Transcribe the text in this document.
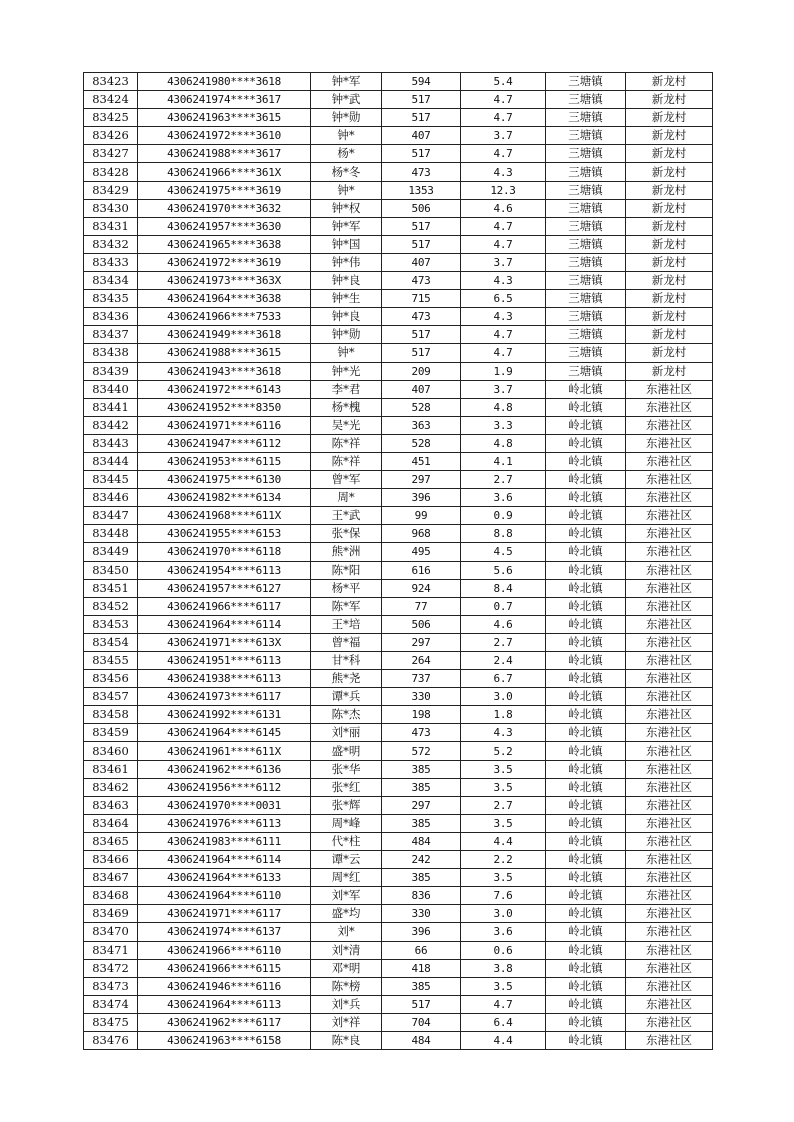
83423	4306241980****3618	钟*军	594	5.4	三塘镇	新龙村
83424	4306241974****3617	钟*武	517	4.7	三塘镇	新龙村
83425	4306241963****3615	钟*勋	517	4.7	三塘镇	新龙村
83426	4306241972****3610	钟*	407	3.7	三塘镇	新龙村
83427	4306241988****3617	杨*	517	4.7	三塘镇	新龙村
83428	4306241966****361X	杨*冬	473	4.3	三塘镇	新龙村
83429	4306241975****3619	钟*	1353	12.3	三塘镇	新龙村
83430	4306241970****3632	钟*权	506	4.6	三塘镇	新龙村
83431	4306241957****3630	钟*军	517	4.7	三塘镇	新龙村
83432	4306241965****3638	钟*国	517	4.7	三塘镇	新龙村
83433	4306241972****3619	钟*伟	407	3.7	三塘镇	新龙村
83434	4306241973****363X	钟*良	473	4.3	三塘镇	新龙村
83435	4306241964****3638	钟*生	715	6.5	三塘镇	新龙村
83436	4306241966****7533	钟*良	473	4.3	三塘镇	新龙村
83437	4306241949****3618	钟*勋	517	4.7	三塘镇	新龙村
83438	4306241988****3615	钟*	517	4.7	三塘镇	新龙村
83439	4306241943****3618	钟*光	209	1.9	三塘镇	新龙村
83440	4306241972****6143	李*君	407	3.7	岭北镇	东港社区
83441	4306241952****8350	杨*槐	528	4.8	岭北镇	东港社区
83442	4306241971****6116	吴*光	363	3.3	岭北镇	东港社区
83443	4306241947****6112	陈*祥	528	4.8	岭北镇	东港社区
83444	4306241953****6115	陈*祥	451	4.1	岭北镇	东港社区
83445	4306241975****6130	曾*军	297	2.7	岭北镇	东港社区
83446	4306241982****6134	周*	396	3.6	岭北镇	东港社区
83447	4306241968****611X	王*武	99	0.9	岭北镇	东港社区
83448	4306241955****6153	张*保	968	8.8	岭北镇	东港社区
83449	4306241970****6118	熊*洲	495	4.5	岭北镇	东港社区
83450	4306241954****6113	陈*阳	616	5.6	岭北镇	东港社区
83451	4306241957****6127	杨*平	924	8.4	岭北镇	东港社区
83452	4306241966****6117	陈*军	77	0.7	岭北镇	东港社区
83453	4306241964****6114	王*培	506	4.6	岭北镇	东港社区
83454	4306241971****613X	曾*福	297	2.7	岭北镇	东港社区
83455	4306241951****6113	甘*科	264	2.4	岭北镇	东港社区
83456	4306241938****6113	熊*尧	737	6.7	岭北镇	东港社区
83457	4306241973****6117	谭*兵	330	3.0	岭北镇	东港社区
83458	4306241992****6131	陈*杰	198	1.8	岭北镇	东港社区
83459	4306241964****6145	刘*丽	473	4.3	岭北镇	东港社区
83460	4306241961****611X	盛*明	572	5.2	岭北镇	东港社区
83461	4306241962****6136	张*华	385	3.5	岭北镇	东港社区
83462	4306241956****6112	张*红	385	3.5	岭北镇	东港社区
83463	4306241970****0031	张*辉	297	2.7	岭北镇	东港社区
83464	4306241976****6113	周*峰	385	3.5	岭北镇	东港社区
83465	4306241983****6111	代*柱	484	4.4	岭北镇	东港社区
83466	4306241964****6114	谭*云	242	2.2	岭北镇	东港社区
83467	4306241964****6133	周*红	385	3.5	岭北镇	东港社区
83468	4306241964****6110	刘*军	836	7.6	岭北镇	东港社区
83469	4306241971****6117	盛*均	330	3.0	岭北镇	东港社区
83470	4306241974****6137	刘*	396	3.6	岭北镇	东港社区
83471	4306241966****6110	刘*清	66	0.6	岭北镇	东港社区
83472	4306241966****6115	邓*明	418	3.8	岭北镇	东港社区
83473	4306241946****6116	陈*榜	385	3.5	岭北镇	东港社区
83474	4306241964****6113	刘*兵	517	4.7	岭北镇	东港社区
83475	4306241962****6117	刘*祥	704	6.4	岭北镇	东港社区
83476	4306241963****6158	陈*良	484	4.4	岭北镇	东港社区
